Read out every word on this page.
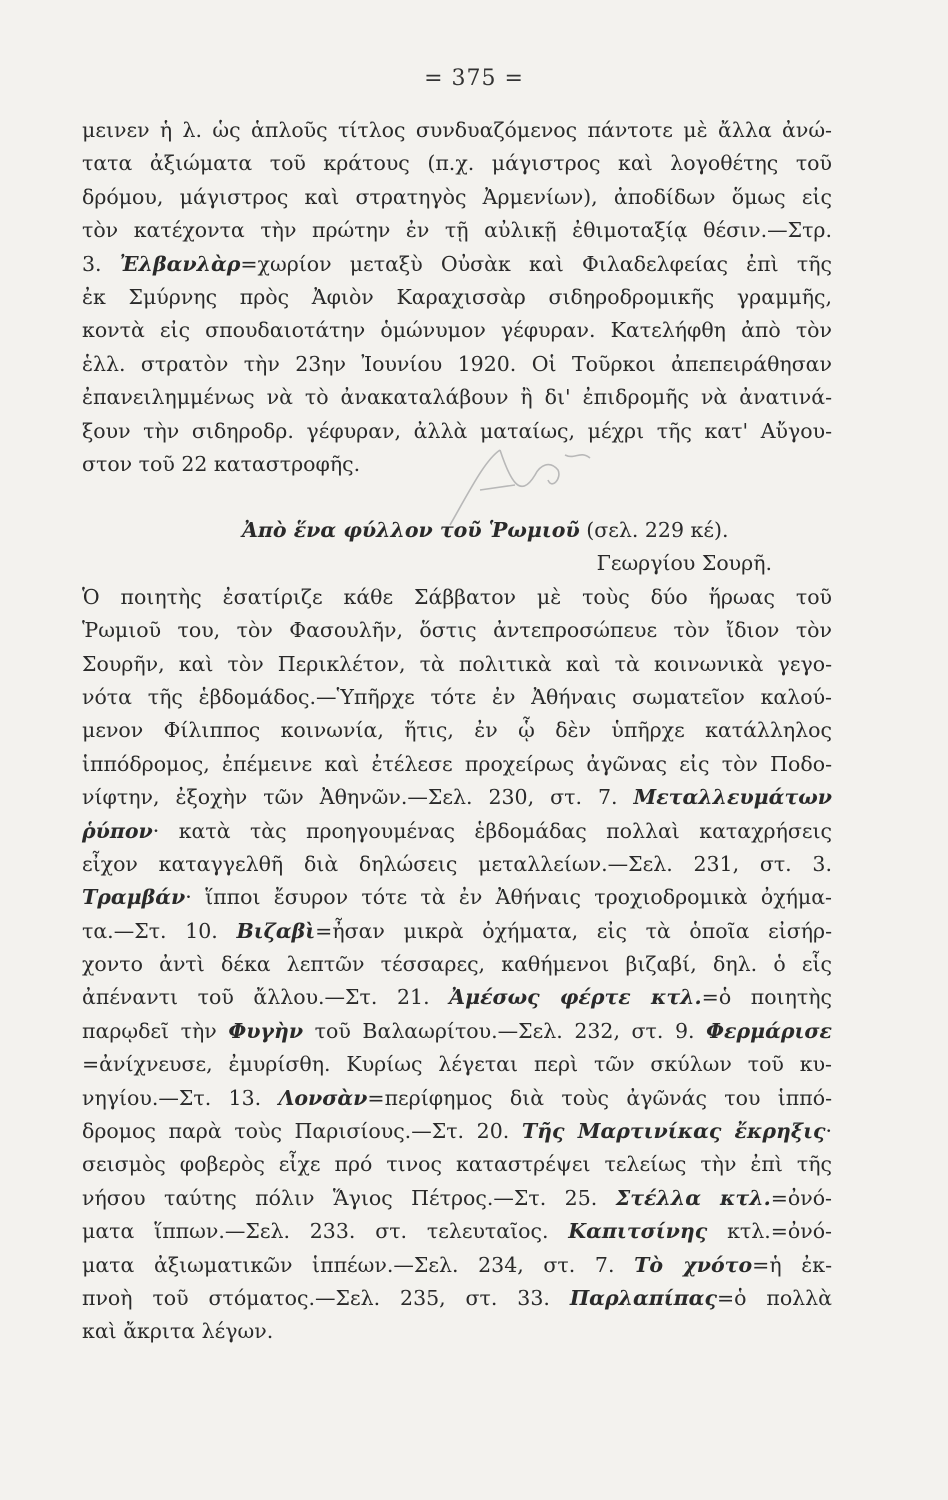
= 375 =
μεινεν ἡ λ. ὡς ἁπλοῦς τίτλος συνδυαζόμενος πάντοτε μὲ ἄλλα ἀνώ-
τατα ἀξιώματα τοῦ κράτους (π.χ. μάγιστρος καὶ λογοθέτης τοῦ
δρόμου, μάγιστρος καὶ στρατηγὸς Ἀρμενίων), ἀποδίδων ὅμως εἰς
τὸν κατέχοντα τὴν πρώτην ἐν τῇ αὐλικῇ ἐθιμοταξίᾳ θέσιν.—Στρ.
3. Ἐλβανλὰρ=χωρίον μεταξὺ Οὐσὰκ καὶ Φιλαδελφείας ἐπὶ τῆς
ἐκ Σμύρνης πρὸς Ἀφιὸν Καραχισσὰρ σιδηροδρομικῆς γραμμῆς,
κοντὰ εἰς σπουδαιοτάτην ὁμώνυμον γέφυραν. Κατελήφθη ἀπὸ τὸν
ἑλλ. στρατὸν τὴν 23ην Ἰουνίου 1920. Οἱ Τοῦρκοι ἀπεπειράθησαν
ἐπανειλημμένως νὰ τὸ ἀνακαταλάβουν ἢ δι' ἐπιδρομῆς νὰ ἀνατινά-
ξουν τὴν σιδηροδρ. γέφυραν, ἀλλὰ ματαίως, μέχρι τῆς κατ' Αὔγου-
στον τοῦ 22 καταστροφῆς.
Ἀπὸ ἕνα φύλλον τοῦ Ῥωμιοῦ (σελ. 229 κέ).
Γεωργίου Σουρῆ.
Ὁ ποιητὴς ἐσατίριζε κάθε Σάββατον μὲ τοὺς δύο ἥρωας τοῦ
Ῥωμιοῦ του, τὸν Φασουλῆν, ὅστις ἀντεπροσώπευε τὸν ἴδιον τὸν
Σουρῆν, καὶ τὸν Περικλέτον, τὰ πολιτικὰ καὶ τὰ κοινωνικὰ γεγο-
νότα τῆς ἑβδομάδος.—Ὑπῆρχε τότε ἐν Ἀθήναις σωματεῖον καλού-
μενον Φίλιππος κοινωνία, ἥτις, ἐν ᾧ δὲν ὑπῆρχε κατάλληλος
ἱππόδρομος, ἐπέμεινε καὶ ἐτέλεσε προχείρως ἀγῶνας εἰς τὸν Ποδο-
νίφτην, ἐξοχὴν τῶν Ἀθηνῶν.—Σελ. 230, στ. 7. Μεταλλευμάτων
ῥύπον· κατὰ τὰς προηγουμένας ἑβδομάδας πολλαὶ καταχρήσεις
εἶχον καταγγελθῆ διὰ δηλώσεις μεταλλείων.—Σελ. 231, στ. 3.
Τραμβάν· ἵπποι ἔσυρον τότε τὰ ἐν Ἀθήναις τροχιοδρομικὰ ὀχήμα-
τα.—Στ. 10. Βιζαβὶ=ἦσαν μικρὰ ὀχήματα, εἰς τὰ ὁποῖα εἰσήρ-
χοντο ἀντὶ δέκα λεπτῶν τέσσαρες, καθήμενοι βιζαβί, δηλ. ὁ εἷς
ἀπέναντι τοῦ ἄλλου.—Στ. 21. Ἀμέσως φέρτε κτλ.=ὁ ποιητὴς
παρῳδεῖ τὴν Φυγὴν τοῦ Βαλαωρίτου.—Σελ. 232, στ. 9. Φερμάρισε
=ἀνίχνευσε, ἐμυρίσθη. Κυρίως λέγεται περὶ τῶν σκύλων τοῦ κυ-
νηγίου.—Στ. 13. Λονσὰν=περίφημος διὰ τοὺς ἀγῶνάς του ἱππό-
δρομος παρὰ τοὺς Παρισίους.—Στ. 20. Τῆς Μαρτινίκας ἔκρηξις·
σεισμὸς φοβερὸς εἶχε πρό τινος καταστρέψει τελείως τὴν ἐπὶ τῆς
νήσου ταύτης πόλιν Ἅγιος Πέτρος.—Στ. 25. Στέλλα κτλ.=ὀνό-
ματα ἵππων.—Σελ. 233. στ. τελευταῖος. Καπιτσίνης κτλ.=ὀνό-
ματα ἀξιωματικῶν ἱππέων.—Σελ. 234, στ. 7. Τὸ χνότο=ἡ ἐκ-
πνοὴ τοῦ στόματος.—Σελ. 235, στ. 33. Παρλαπίπας=ὁ πολλὰ
καὶ ἄκριτα λέγων.
